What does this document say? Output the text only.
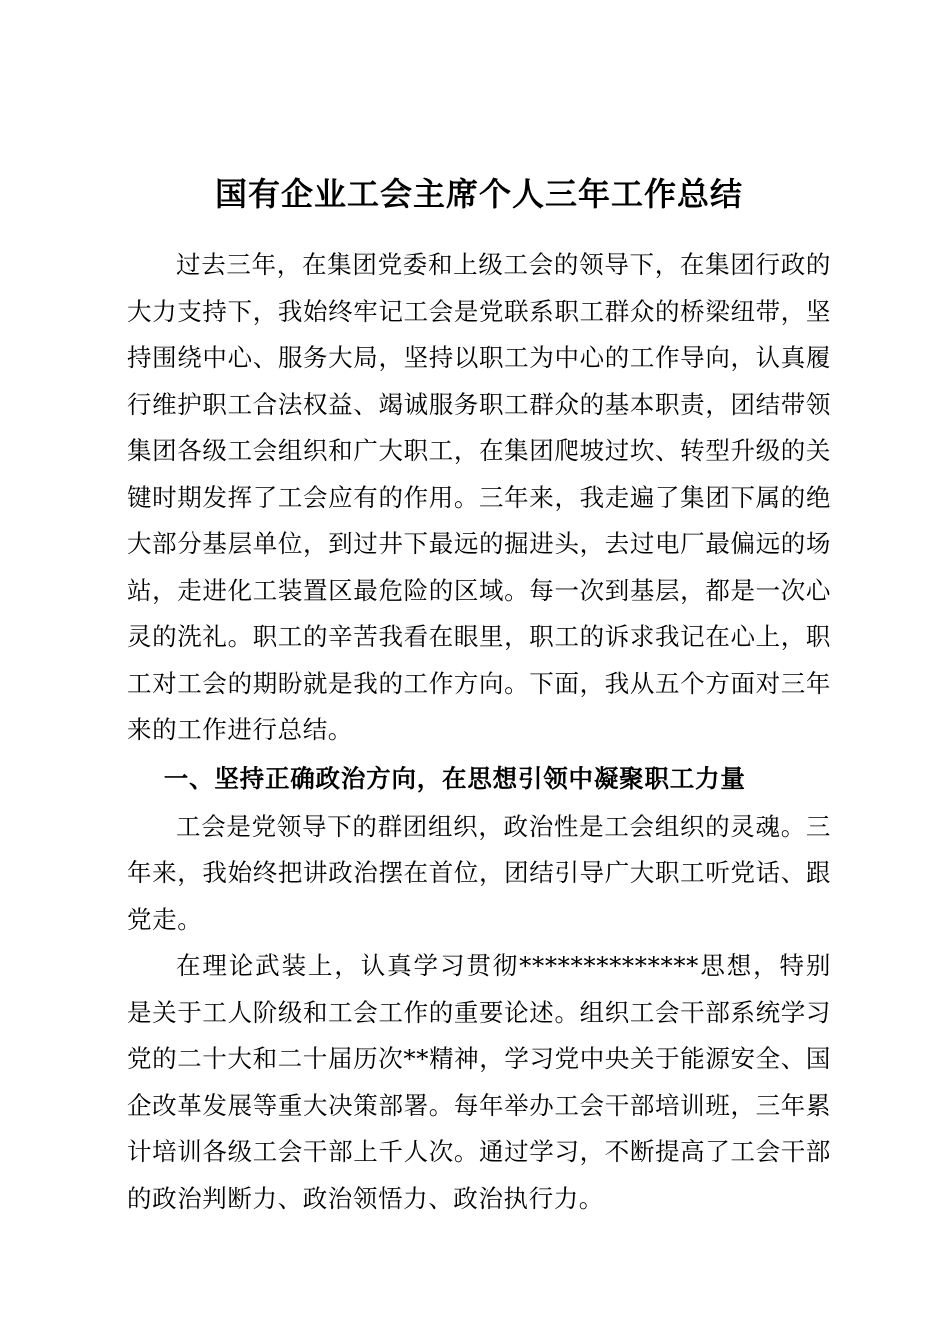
国有企业工会主席个人三年工作总结

过去三年，在集团党委和上级工会的领导下，在集团行政的大力支持下，我始终牢记工会是党联系职工群众的桥梁纽带，坚持围绕中心、服务大局，坚持以职工为中心的工作导向，认真履行维护职工合法权益、竭诚服务职工群众的基本职责，团结带领集团各级工会组织和广大职工，在集团爬坡过坎、转型升级的关键时期发挥了工会应有的作用。三年来，我走遍了集团下属的绝大部分基层单位，到过井下最远的掘进头，去过电厂最偏远的场站，走进化工装置区最危险的区域。每一次到基层，都是一次心灵的洗礼。职工的辛苦我看在眼里，职工的诉求我记在心上，职工对工会的期盼就是我的工作方向。下面，我从五个方面对三年来的工作进行总结。

一、坚持正确政治方向，在思想引领中凝聚职工力量

工会是党领导下的群团组织，政治性是工会组织的灵魂。三年来，我始终把讲政治摆在首位，团结引导广大职工听党话、跟党走。

在理论武装上，认真学习贯彻**************思想，特别是关于工人阶级和工会工作的重要论述。组织工会干部系统学习党的二十大和二十届历次**精神，学习党中央关于能源安全、国企改革发展等重大决策部署。每年举办工会干部培训班，三年累计培训各级工会干部上千人次。通过学习，不断提高了工会干部的政治判断力、政治领悟力、政治执行力。
